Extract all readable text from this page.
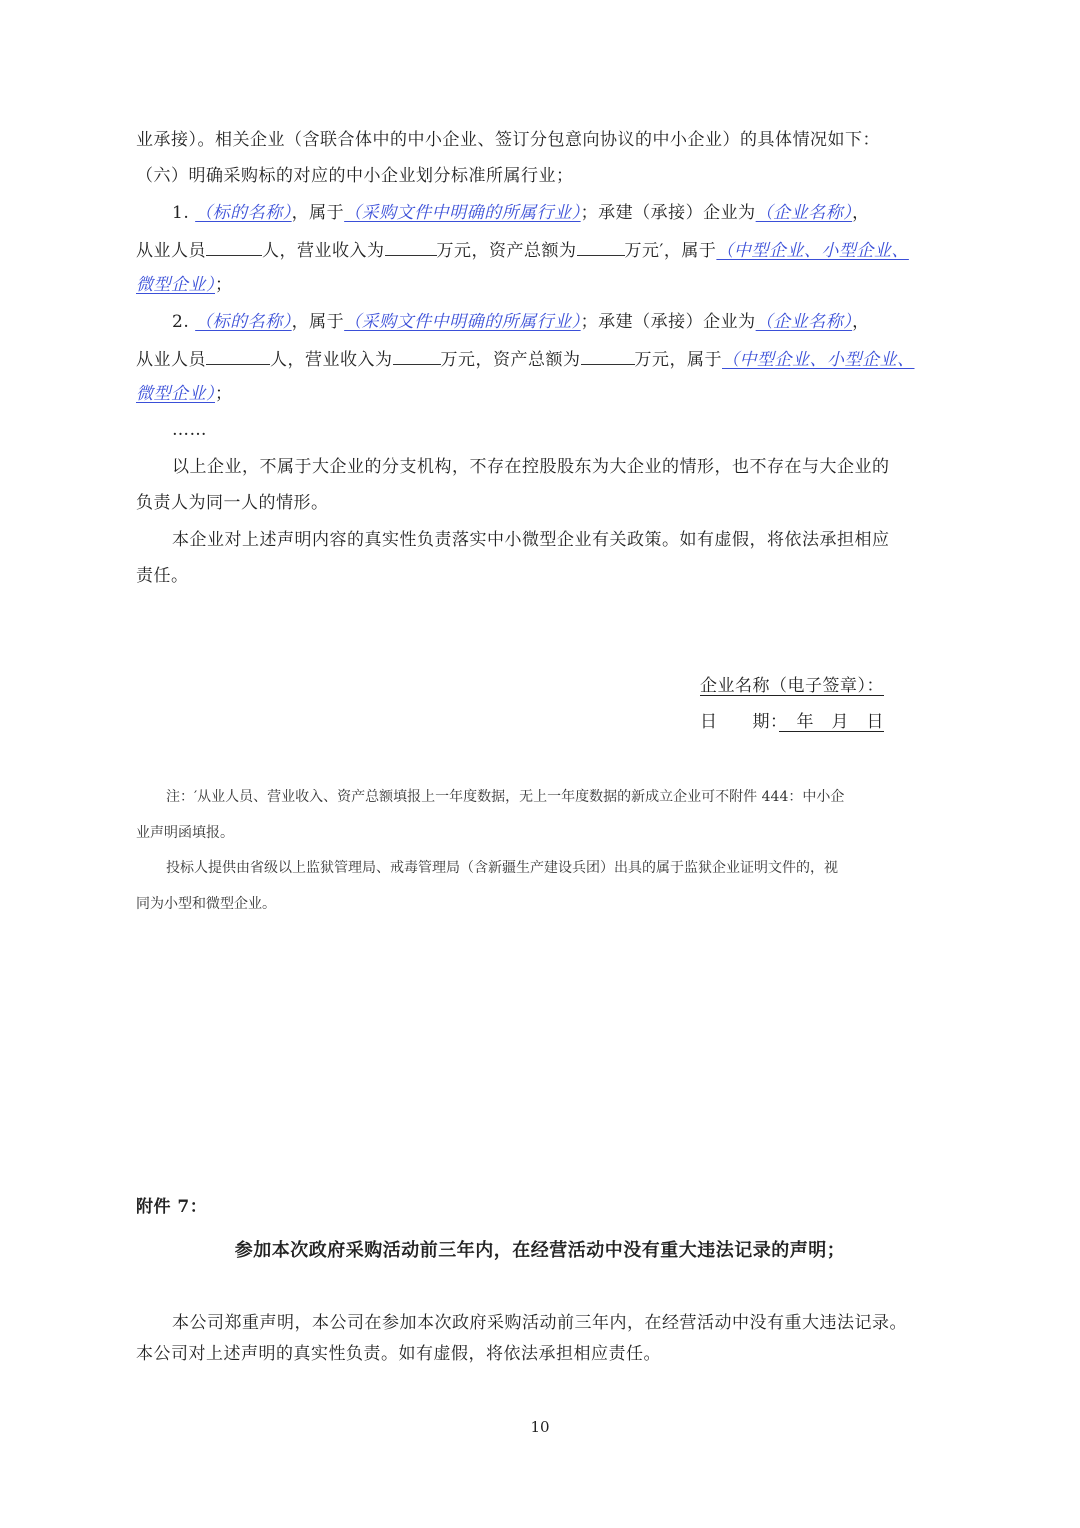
业承接）。相关企业（含联合体中的中小企业、签订分包意向协议的中小企业）的具体情况如下：
（六）明确采购标的对应的中小企业划分标准所属行业；
1. （标的名称），属于（采购文件中明确的所属行业）；承建（承接）企业为（企业名称），
从业人员	人，营业收入为	万元，资产总额为	万元′，属于（中型企业、小型企业、
微型企业）；
2. （标的名称），属于（采购文件中明确的所属行业）；承建（承接）企业为（企业名称），
从业人员	人，营业收入为	万元，资产总额为	万元，属于（中型企业、小型企业、
微型企业）；
……
以上企业，不属于大企业的分支机构，不存在控股股东为大企业的情形，也不存在与大企业的
负责人为同一人的情形。
本企业对上述声明内容的真实性负责落实中小微型企业有关政策。如有虚假，将依法承担相应
责任。
企业名称（电子签章）：
日　　期：　年　月　日
注：′从业人员、营业收入、资产总额填报上一年度数据，无上一年度数据的新成立企业可不附件 444：中小企
业声明函填报。
投标人提供由省级以上监狱管理局、戒毒管理局（含新疆生产建设兵团）出具的属于监狱企业证明文件的，视
同为小型和微型企业。
附件 7：
参加本次政府采购活动前三年内，在经营活动中没有重大违法记录的声明；
本公司郑重声明，本公司在参加本次政府采购活动前三年内，在经营活动中没有重大违法记录。
本公司对上述声明的真实性负责。如有虚假，将依法承担相应责任。
10
